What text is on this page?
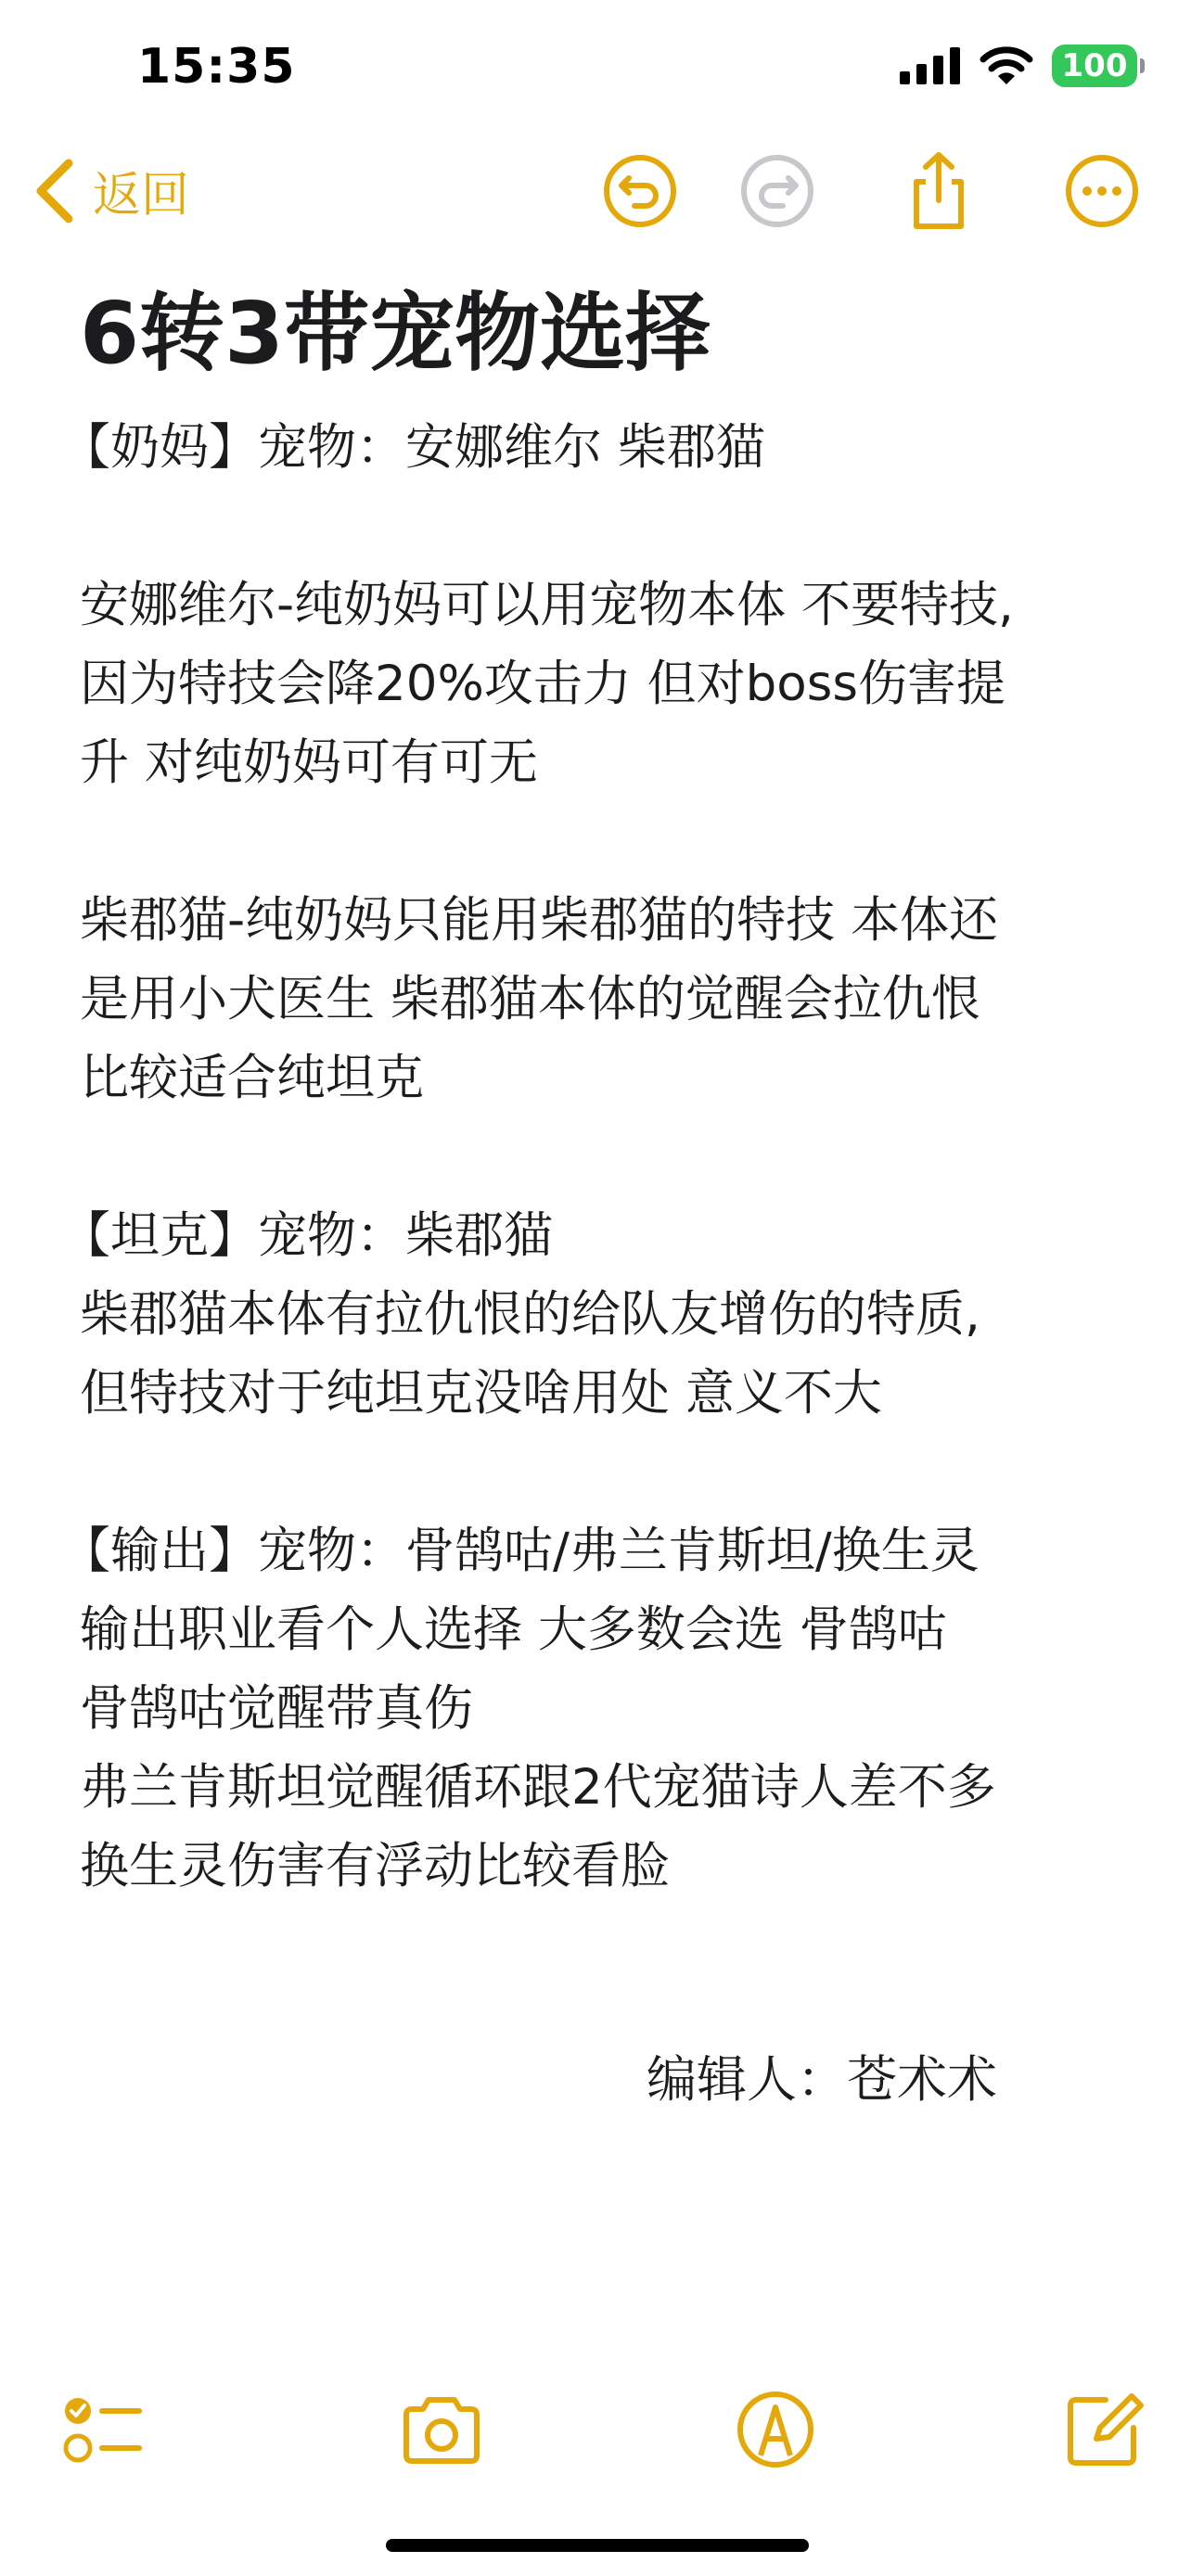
15:35	100
返回
6转3带宠物选择

【奶妈】宠物：安娜维尔 柴郡猫

安娜维尔-纯奶妈可以用宠物本体 不要特技,

因为特技会降20%攻击力 但对boss伤害提

升 对纯奶妈可有可无

柴郡猫-纯奶妈只能用柴郡猫的特技 本体还

是用小犬医生 柴郡猫本体的觉醒会拉仇恨

比较适合纯坦克

【坦克】宠物：柴郡猫

柴郡猫本体有拉仇恨的给队友增伤的特质,

但特技对于纯坦克没啥用处 意义不大

【输出】宠物：骨鹄咕/弗兰肯斯坦/换生灵

输出职业看个人选择 大多数会选 骨鹄咕

骨鹄咕觉醒带真伤

弗兰肯斯坦觉醒循环跟2代宠猫诗人差不多

换生灵伤害有浮动比较看脸

编辑人：苍术术
